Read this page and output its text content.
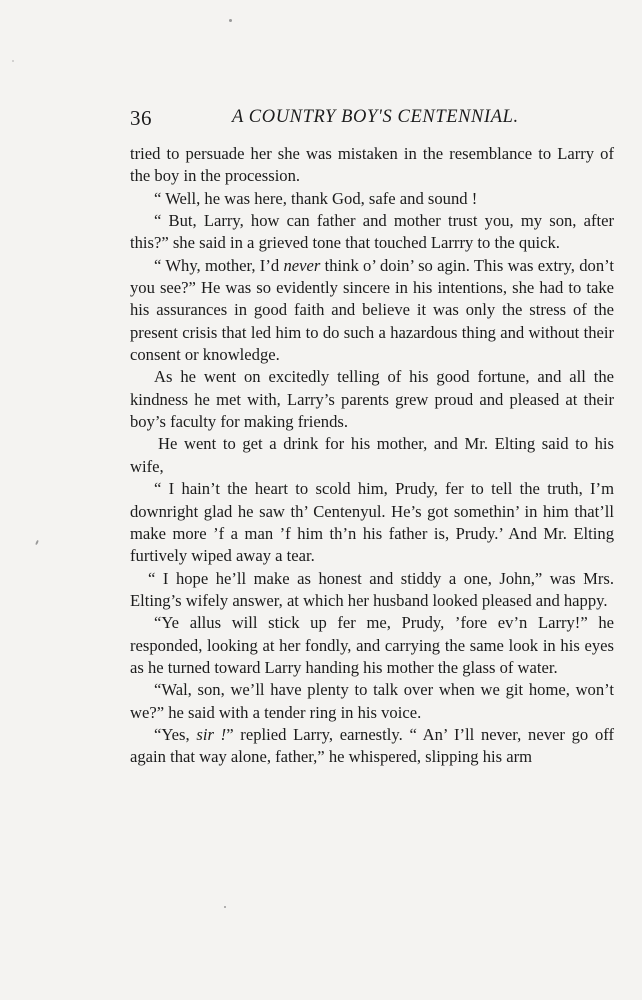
36	A COUNTRY BOY'S CENTENNIAL.

tried to persuade her she was mistaken in the resemblance to Larry of the boy in the procession.

“ Well, he was here, thank God, safe and sound !

“ But, Larry, how can father and mother trust you, my son, after this?” she said in a grieved tone that touched Larrry to the quick.

“ Why, mother, I’d never think o’ doin’ so agin. This was extry, don’t you see?” He was so evidently sincere in his intentions, she had to take his assurances in good faith and believe it was only the stress of the present crisis that led him to do such a hazardous thing and without their consent or knowledge.

As he went on excitedly telling of his good fortune, and all the kindness he met with, Larry’s parents grew proud and pleased at their boy’s faculty for making friends.

He went to get a drink for his mother, and Mr. Elting said to his wife,

“ I hain’t the heart to scold him, Prudy, fer to tell the truth, I’m downright glad he saw th’ Centenyul. He’s got somethin’ in him that’ll make more ’f a man ’f him th’n his father is, Prudy.’ And Mr. Elting furtively wiped away a tear.

“ I hope he’ll make as honest and stiddy a one, John,” was Mrs. Elting’s wifely answer, at which her husband looked pleased and happy.

“Ye allus will stick up fer me, Prudy, ’fore ev’n Larry!” he responded, looking at her fondly, and carrying the same look in his eyes as he turned toward Larry handing his mother the glass of water.

“Wal, son, we’ll have plenty to talk over when we git home, won’t we?” he said with a tender ring in his voice.

“Yes, sir !” replied Larry, earnestly. “ An’ I’ll never, never go off again that way alone, father,” he whispered, slipping his arm
